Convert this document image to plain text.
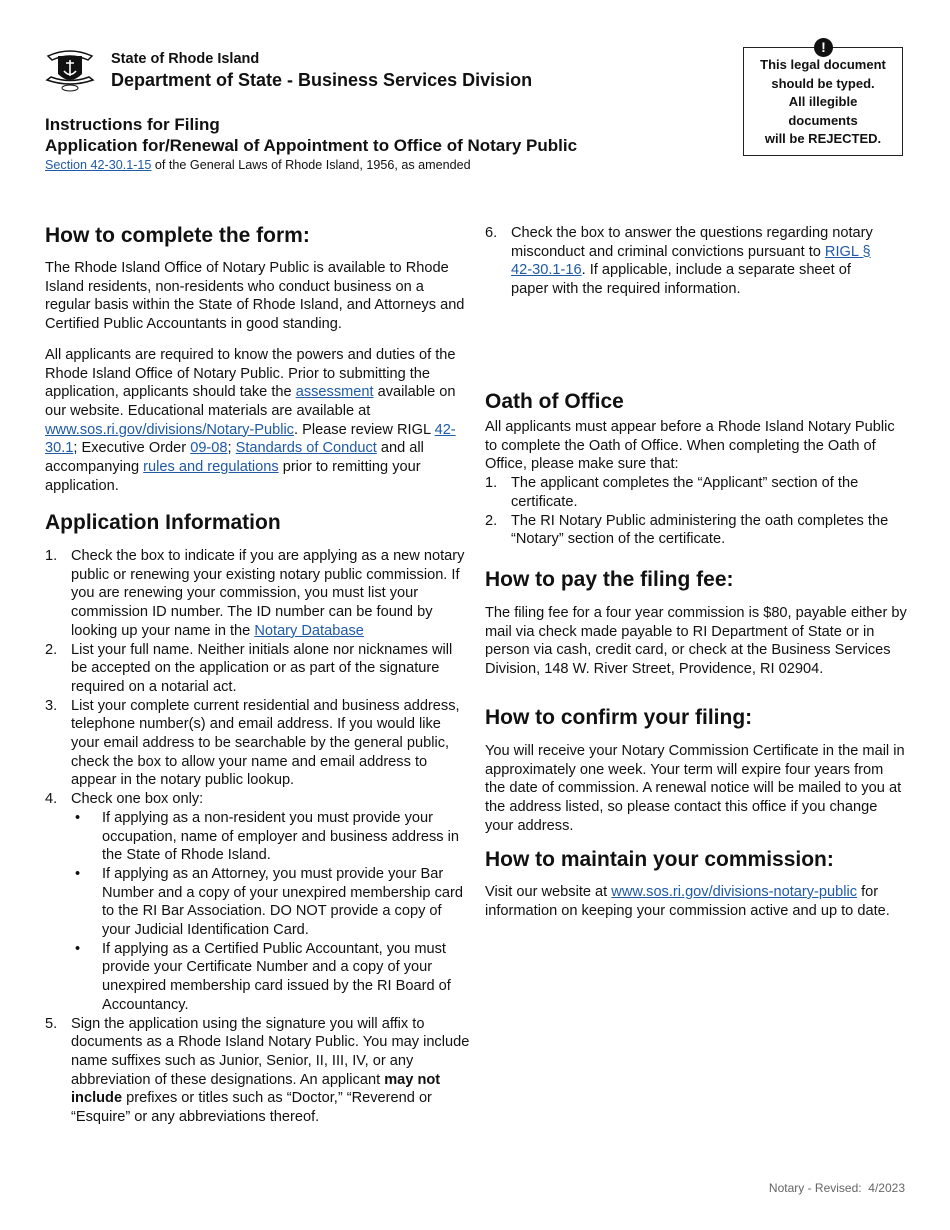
State of Rhode Island
Department of State - Business Services Division
Instructions for Filing
Application for/Renewal of Appointment to Office of Notary Public
Section 42-30.1-15 of the General Laws of Rhode Island, 1956, as amended
!
This legal document
should be typed.
All illegible
documents
will be REJECTED.
How to complete the form:

The Rhode Island Office of Notary Public is available to Rhode Island residents, non-residents who conduct business on a regular basis within the State of Rhode Island, and Attorneys and Certified Public Accountants in good standing.

All applicants are required to know the powers and duties of the Rhode Island Office of Notary Public. Prior to submitting the application, applicants should take the assessment available on our website. Educational materials are available at www.sos.ri.gov/divisions/Notary-Public. Please review RIGL 42-30.1; Executive Order 09-08; Standards of Conduct and all accompanying rules and regulations prior to remitting your application.

Application Information
1. Check the box to indicate if you are applying as a new notary public or renewing your existing notary public commission. If you are renewing your commission, you must list your commission ID number. The ID number can be found by looking up your name in the Notary Database
2. List your full name. Neither initials alone nor nicknames will be accepted on the application or as part of the signature required on a notarial act.
3. List your complete current residential and business address, telephone number(s) and email address. If you would like your email address to be searchable by the general public, check the box to allow your name and email address to appear in the notary public lookup.
4. Check one box only:
• If applying as a non-resident you must provide your occupation, name of employer and business address in the State of Rhode Island.
• If applying as an Attorney, you must provide your Bar Number and a copy of your unexpired membership card to the RI Bar Association. DO NOT provide a copy of your Judicial Identification Card.
• If applying as a Certified Public Accountant, you must provide your Certificate Number and a copy of your unexpired membership card issued by the RI Board of Accountancy.
5. Sign the application using the signature you will affix to documents as a Rhode Island Notary Public. You may include name suffixes such as Junior, Senior, II, III, IV, or any abbreviation of these designations. An applicant may not include prefixes or titles such as “Doctor,” “Reverend or “Esquire” or any abbreviations thereof.
6. Check the box to answer the questions regarding notary misconduct and criminal convictions pursuant to RIGL § 42-30.1-16. If applicable, include a separate sheet of paper with the required information.
Oath of Office

All applicants must appear before a Rhode Island Notary Public to complete the Oath of Office. When completing the Oath of Office, please make sure that:

1. The applicant completes the “Applicant” section of the certificate.
2. The RI Notary Public administering the oath completes the “Notary” section of the certificate.
How to pay the filing fee:

The filing fee for a four year commission is $80, payable either by mail via check made payable to RI Department of State or in person via cash, credit card, or check at the Business Services Division, 148 W. River Street, Providence, RI 02904.

How to confirm your filing:

You will receive your Notary Commission Certificate in the mail in approximately one week. Your term will expire four years from the date of commission. A renewal notice will be mailed to you at the address listed, so please contact this office if you change your address.

How to maintain your commission:

Visit our website at www.sos.ri.gov/divisions-notary-public for information on keeping your commission active and up to date.

Notary - Revised:  4/2023
